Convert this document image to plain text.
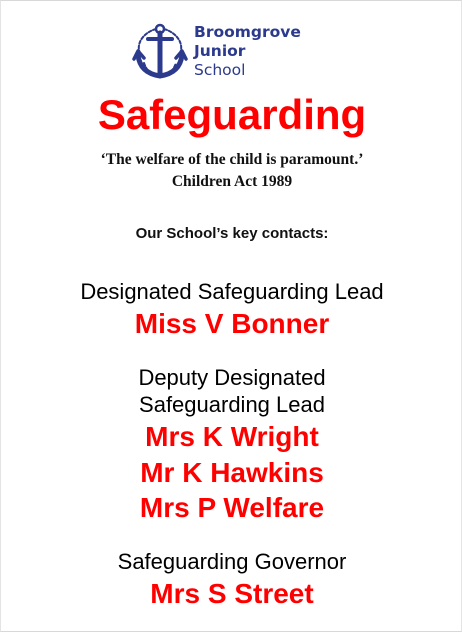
Broomgrove
Junior
School
Safeguarding
‘The welfare of the child is paramount.’
Children Act 1989
Our School’s key contacts:
Designated Safeguarding Lead
Miss V Bonner
Deputy Designated
Safeguarding Lead
Mrs K Wright
Mr K Hawkins
Mrs P Welfare
Safeguarding Governor
Mrs S Street
